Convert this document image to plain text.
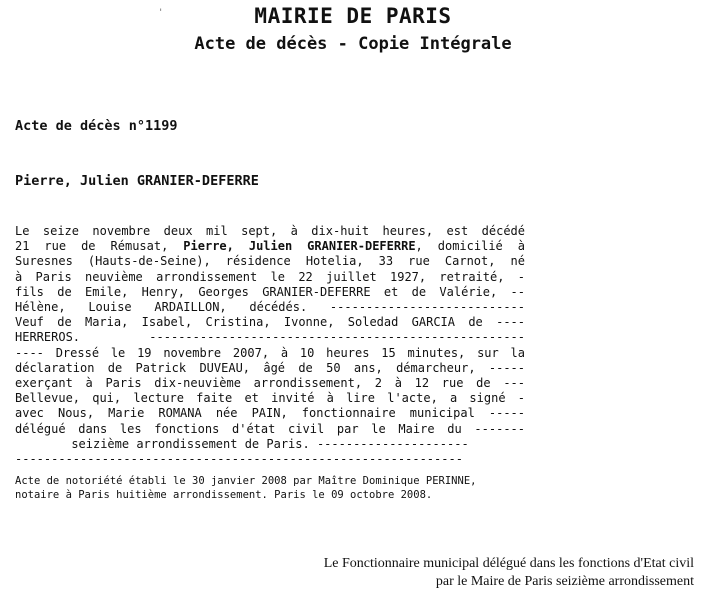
'	MAIRIE DE PARIS
Acte de décès - Copie Intégrale
Acte de décès n°1199
Pierre, Julien GRANIER-DEFERRE
Le seize novembre deux mil sept, à dix-huit heures, est décédé
21 rue de Rémusat, Pierre, Julien GRANIER-DEFERRE, domicilié à
Suresnes (Hauts-de-Seine), résidence Hotelia, 33 rue Carnot, né
à Paris neuvième arrondissement le 22 juillet 1927, retraité, -
fils de Emile, Henry, Georges GRANIER-DEFERRE et de Valérie, --
Hélène, Louise ARDAILLON, décédés. ---------------------------
Veuf de Maria, Isabel, Cristina, Ivonne, Soledad GARCIA de ----
HERREROS. ----------------------------------------------------
---- Dressé le 19 novembre 2007, à 10 heures 15 minutes, sur la
déclaration de Patrick DUVEAU, âgé de 50 ans, démarcheur, -----
exerçant à Paris dix-neuvième arrondissement, 2 à 12 rue de ---
Bellevue, qui, lecture faite et invité à lire l'acte, a signé -
avec Nous, Marie ROMANA née PAIN, fonctionnaire municipal -----
délégué dans les fonctions d'état civil par le Maire du -------
seizième arrondissement de Paris. ---------------------
--------------------------------------------------------------
Acte de notoriété établi le 30 janvier 2008 par Maître Dominique PERINNE,
notaire à Paris huitième arrondissement. Paris le 09 octobre 2008.
Le Fonctionnaire municipal délégué dans les fonctions d'Etat civil
par le Maire de Paris seizième arrondissement
